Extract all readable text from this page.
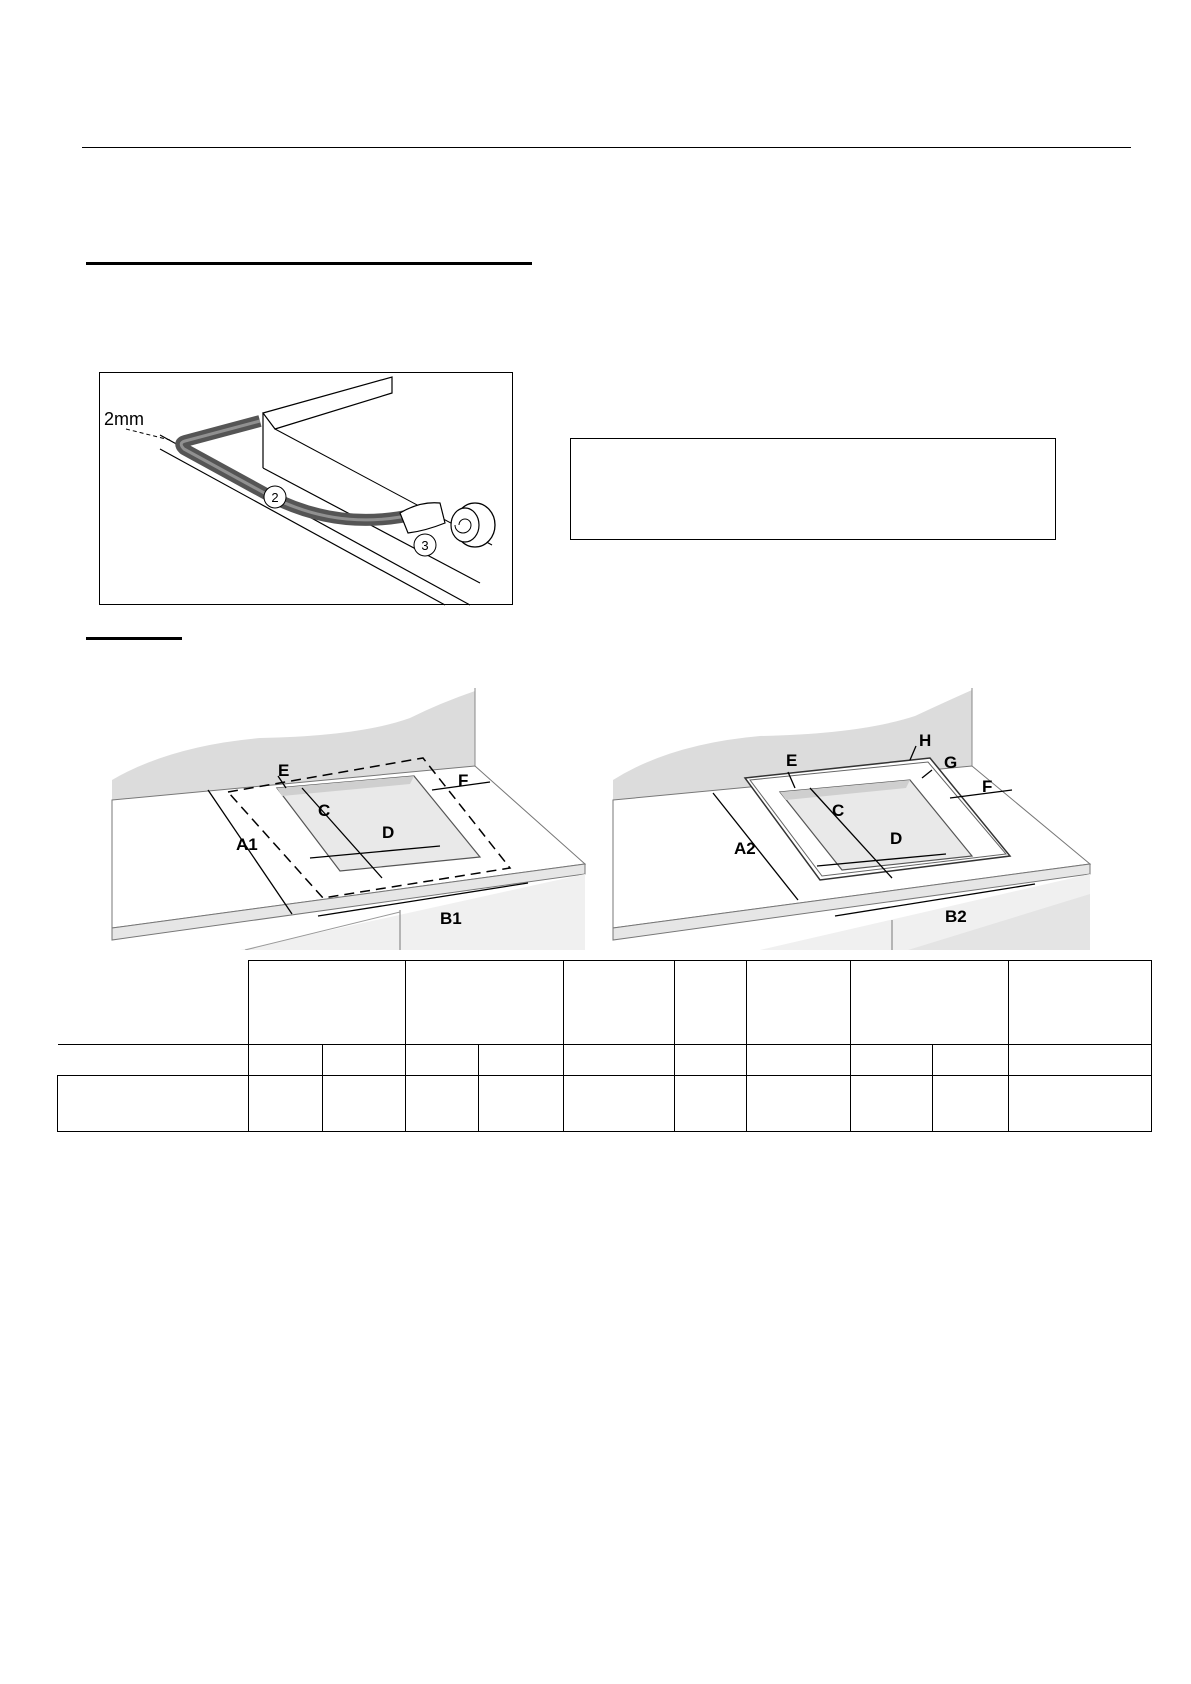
2mm
2
3
E
C
D
F
A1
B1
E
C
D
F
A2
B2
H
G
